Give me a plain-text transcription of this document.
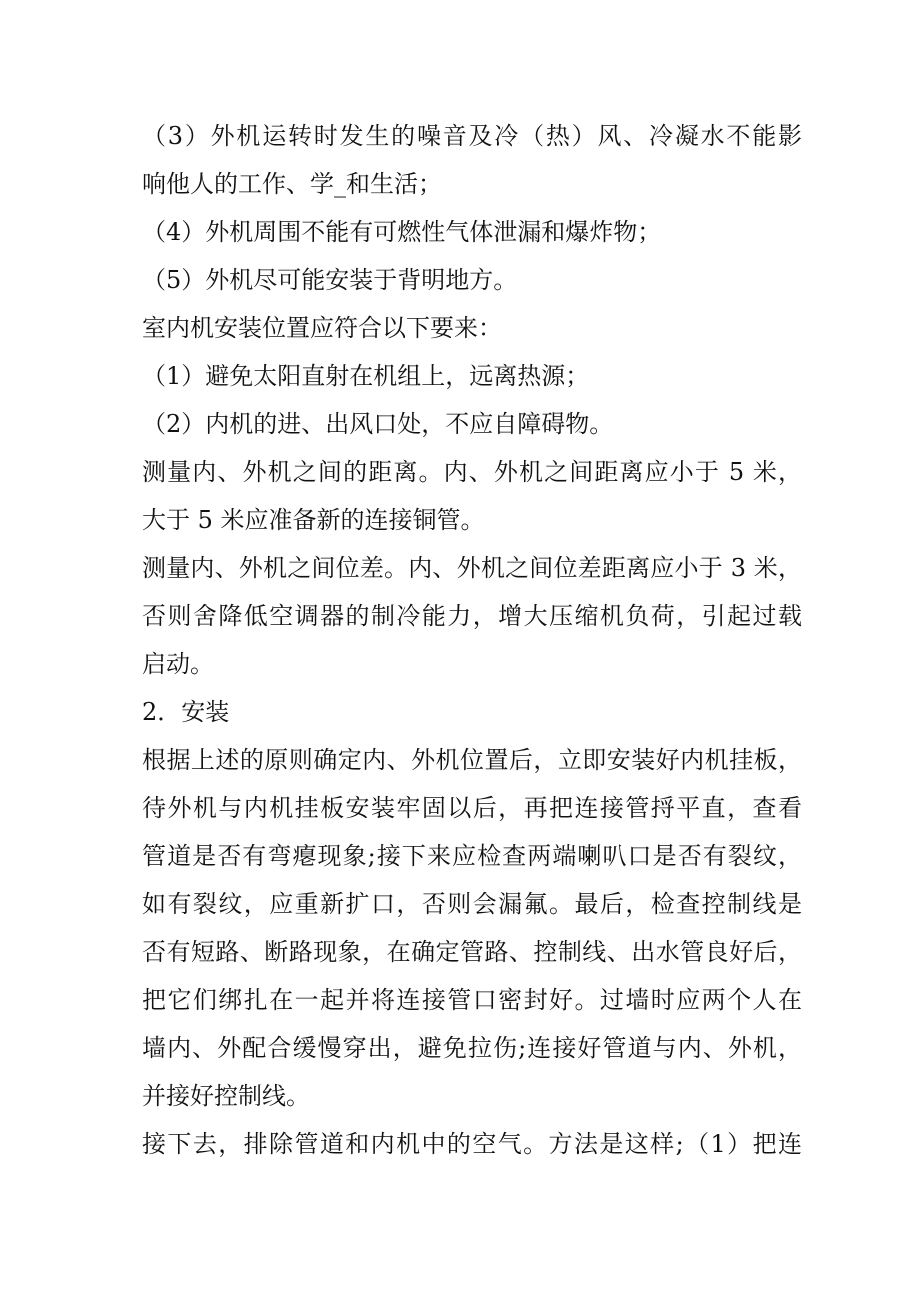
（3）外机运转时发生的噪音及冷（热）风、冷凝水不能影
响他人的工作、学_和生活；
（4）外机周围不能有可燃性气体泄漏和爆炸物；
（5）外机尽可能安装于背明地方。
室内机安装位置应符合以下要来：
（1）避免太阳直射在机组上，远离热源；
（2）内机的进、出风口处，不应自障碍物。
测量内、外机之间的距离。内、外机之间距离应小于 5 米，
大于 5 米应准备新的连接铜管。
测量内、外机之间位差。内、外机之间位差距离应小于 3 米，
否则舍降低空调器的制冷能力，增大压缩机负荷，引起过载
启动。
2．安装
根据上述的原则确定内、外机位置后，立即安装好内机挂板，
待外机与内机挂板安装牢固以后，再把连接管捋平直，查看
管道是否有弯瘪现象;接下来应检查两端喇叭口是否有裂纹，
如有裂纹，应重新扩口，否则会漏氟。最后，检查控制线是
否有短路、断路现象，在确定管路、控制线、出水管良好后，
把它们绑扎在一起并将连接管口密封好。过墙时应两个人在
墙内、外配合缓慢穿出，避免拉伤;连接好管道与内、外机，
并接好控制线。
接下去，排除管道和内机中的空气。方法是这样;（1）把连
